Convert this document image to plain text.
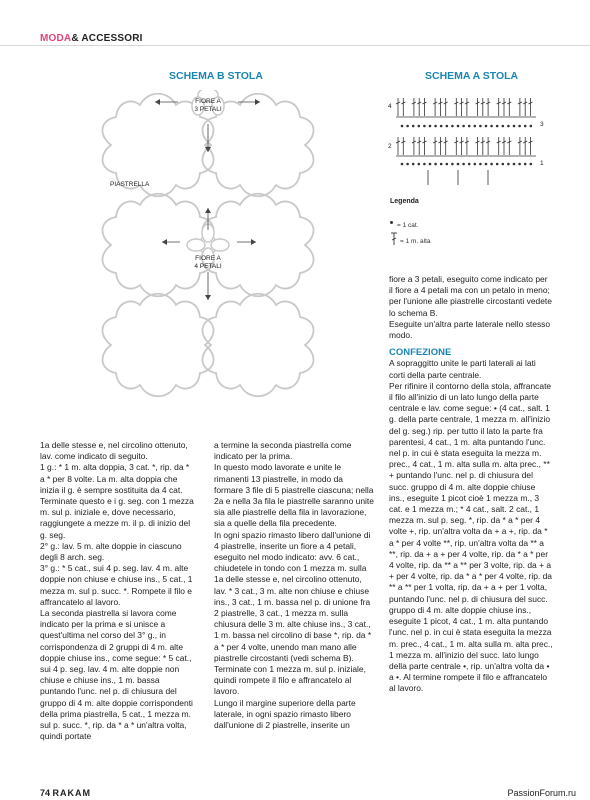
MODA& ACCESSORI
SCHEMA B STOLA
FIORE A
3 PETALI
FIORE A
4 PETALI
PIASTRELLA
SCHEMA A STOLA
4
3
2
1
Legenda
= 1 cat.
= 1 m. alta

1a delle stesse e, nel circolino ottenuto, lav. come indicato di seguito.

1 g.: * 1 m. alta doppia, 3 cat. *, rip. da * a * per 8 volte. La m. alta doppia che inizia il g. è sempre sostituita da 4 cat. Terminate questo e i g. seg. con 1 mezza m. sul p. iniziale e, dove necessario, raggiungete a mezze m. il p. di inizio del g. seg.

2° g.: lav. 5 m. alte doppie in ciascuno degli 8 arch. seg.

3° g.: * 5 cat., sui 4 p. seg. lav. 4 m. alte doppie non chiuse e chiuse ins., 5 cat., 1 mezza m. sul p. succ. *. Rompete il filo e affrancatelo al lavoro.

La seconda piastrella si lavora come indicato per la prima e si unisce a quest'ultima nel corso del 3° g., in corrispondenza di 2 gruppi di 4 m. alte doppie chiuse ins., come segue: * 5 cat., sui 4 p. seg. lav. 4 m. alte doppie non chiuse e chiuse ins., 1 m. bassa puntando l'unc. nel p. di chiusura del gruppo di 4 m. alte doppie corrispondenti della prima piastrella, 5 cat., 1 mezza m. sul p. succ. *, rip. da * a * un'altra volta, quindi portate

a termine la seconda piastrella come indicato per la prima.

In questo modo lavorate e unite le rimanenti 13 piastrelle, in modo da formare 3 file di 5 piastrelle ciascuna; nella 2a e nella 3a fila le piastrelle saranno unite sia alle piastrelle della fila in lavorazione, sia a quelle della fila precedente.

In ogni spazio rimasto libero dall'unione di 4 piastrelle, inserite un fiore a 4 petali, eseguito nel modo indicato: avv. 6 cat., chiudetele in tondo con 1 mezza m. sulla 1a delle stesse e, nel circolino ottenuto, lav. * 3 cat., 3 m. alte non chiuse e chiuse ins., 3 cat., 1 m. bassa nel p. di unione fra 2 piastrelle, 3 cat., 1 mezza m. sulla chiusura delle 3 m. alte chiuse ins., 3 cat., 1 m. bassa nel circolino di base *, rip. da * a * per 4 volte, unendo man mano alle piastrelle circostanti (vedi schema B). Terminate con 1 mezza m. sul p. iniziale, quindi rompete il filo e affrancatelo al lavoro.

Lungo il margine superiore della parte laterale, in ogni spazio rimasto libero dall'unione di 2 piastrelle, inserite un

fiore a 3 petali, eseguito come indicato per il fiore a 4 petali ma con un petalo in meno; per l'unione alle piastrelle circostanti vedete lo schema B.

Eseguite un'altra parte laterale nello stesso modo.

CONFEZIONE

A sopraggitto unite le parti laterali ai lati corti della parte centrale.

Per rifinire il contorno della stola, affrancate il filo all'inizio di un lato lungo della parte centrale e lav. come segue: • (4 cat., salt. 1 g. della parte centrale, 1 mezza m. all'inizio del g. seg.) rip. per tutto il lato la parte fra parentesi, 4 cat., 1 m. alta puntando l'unc. nel p. in cui è stata eseguita la mezza m. prec., 4 cat., 1 m. alta sulla m. alta prec., ** + puntando l'unc. nel p. di chiusura del succ. gruppo di 4 m. alte doppie chiuse ins., eseguite 1 picot cioè 1 mezza m., 3 cat. e 1 mezza m.; * 4 cat., salt. 2 cat., 1 mezza m. sul p. seg. *, rip. da * a * per 4 volte +, rip. un'altra volta da + a +, rip. da * a * per 4 volte **, rip. un'altra volta da ** a **, rip. da + a + per 4 volte, rip. da * a * per 4 volte, rip. da ** a ** per 3 volte, rip. da + a + per 4 volte, rip. da * a * per 4 volte, rip. da ** a ** per 1 volta, rip. da + a + per 1 volta, puntando l'unc. nel p. di chiusura del succ. gruppo di 4 m. alte doppie chiuse ins., eseguite 1 picot, 4 cat., 1 m. alta puntando l'unc. nel p. in cui è stata eseguita la mezza m. prec., 4 cat., 1 m. alta sulla m. alta prec., 1 mezza m. all'inizio del succ. lato lungo della parte centrale •, rip. un'altra volta da • a •. Al termine rompete il filo e affrancatelo al lavoro.

74 RAKAM	PassionForum.ru
